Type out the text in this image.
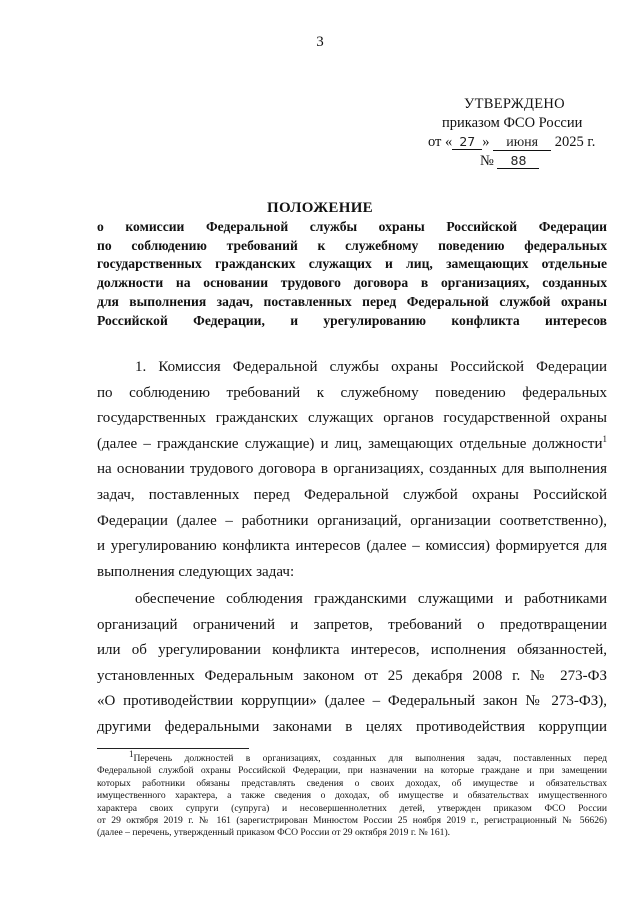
3
УТВЕРЖДЕНО
приказом ФСО России
от « 27 » июня 2025 г.
№ 88
ПОЛОЖЕНИЕ
о комиссии Федеральной службы охраны Российской Федерации
по соблюдению требований к служебному поведению федеральных
государственных гражданских служащих и лиц, замещающих отдельные
должности на основании трудового договора в организациях, созданных
для выполнения задач, поставленных перед Федеральной службой охраны
Российской Федерации, и урегулированию конфликта интересов
1. Комиссия Федеральной службы охраны Российской Федерации
по соблюдению требований к служебному поведению федеральных
государственных гражданских служащих органов государственной охраны
(далее – гражданские служащие) и лиц, замещающих отдельные должности$^1$
на основании трудового договора в организациях, созданных для выполнения
задач, поставленных перед Федеральной службой охраны Российской
Федерации (далее – работники организаций, организации соответственно),
и урегулированию конфликта интересов (далее – комиссия) формируется для
выполнения следующих задач:
обеспечение соблюдения гражданскими служащими и работниками
организаций ограничений и запретов, требований о предотвращении
или об урегулировании конфликта интересов, исполнения обязанностей,
установленных Федеральным законом от 25 декабря 2008 г. № 273-ФЗ
«О противодействии коррупции» (далее – Федеральный закон № 273-ФЗ),
другими федеральными законами в целях противодействия коррупции
1Перечень должностей в организациях, созданных для выполнения задач, поставленных перед
Федеральной службой охраны Российской Федерации, при назначении на которые граждане и при замещении
которых работники обязаны представлять сведения о своих доходах, об имуществе и обязательствах
имущественного характера, а также сведения о доходах, об имуществе и обязательствах имущественного
характера своих супруги (супруга) и несовершеннолетних детей, утвержден приказом ФСО России
от 29 октября 2019 г. № 161 (зарегистрирован Минюстом России 25 ноября 2019 г., регистрационный № 56626)
(далее – перечень, утвержденный приказом ФСО России от 29 октября 2019 г. № 161).
